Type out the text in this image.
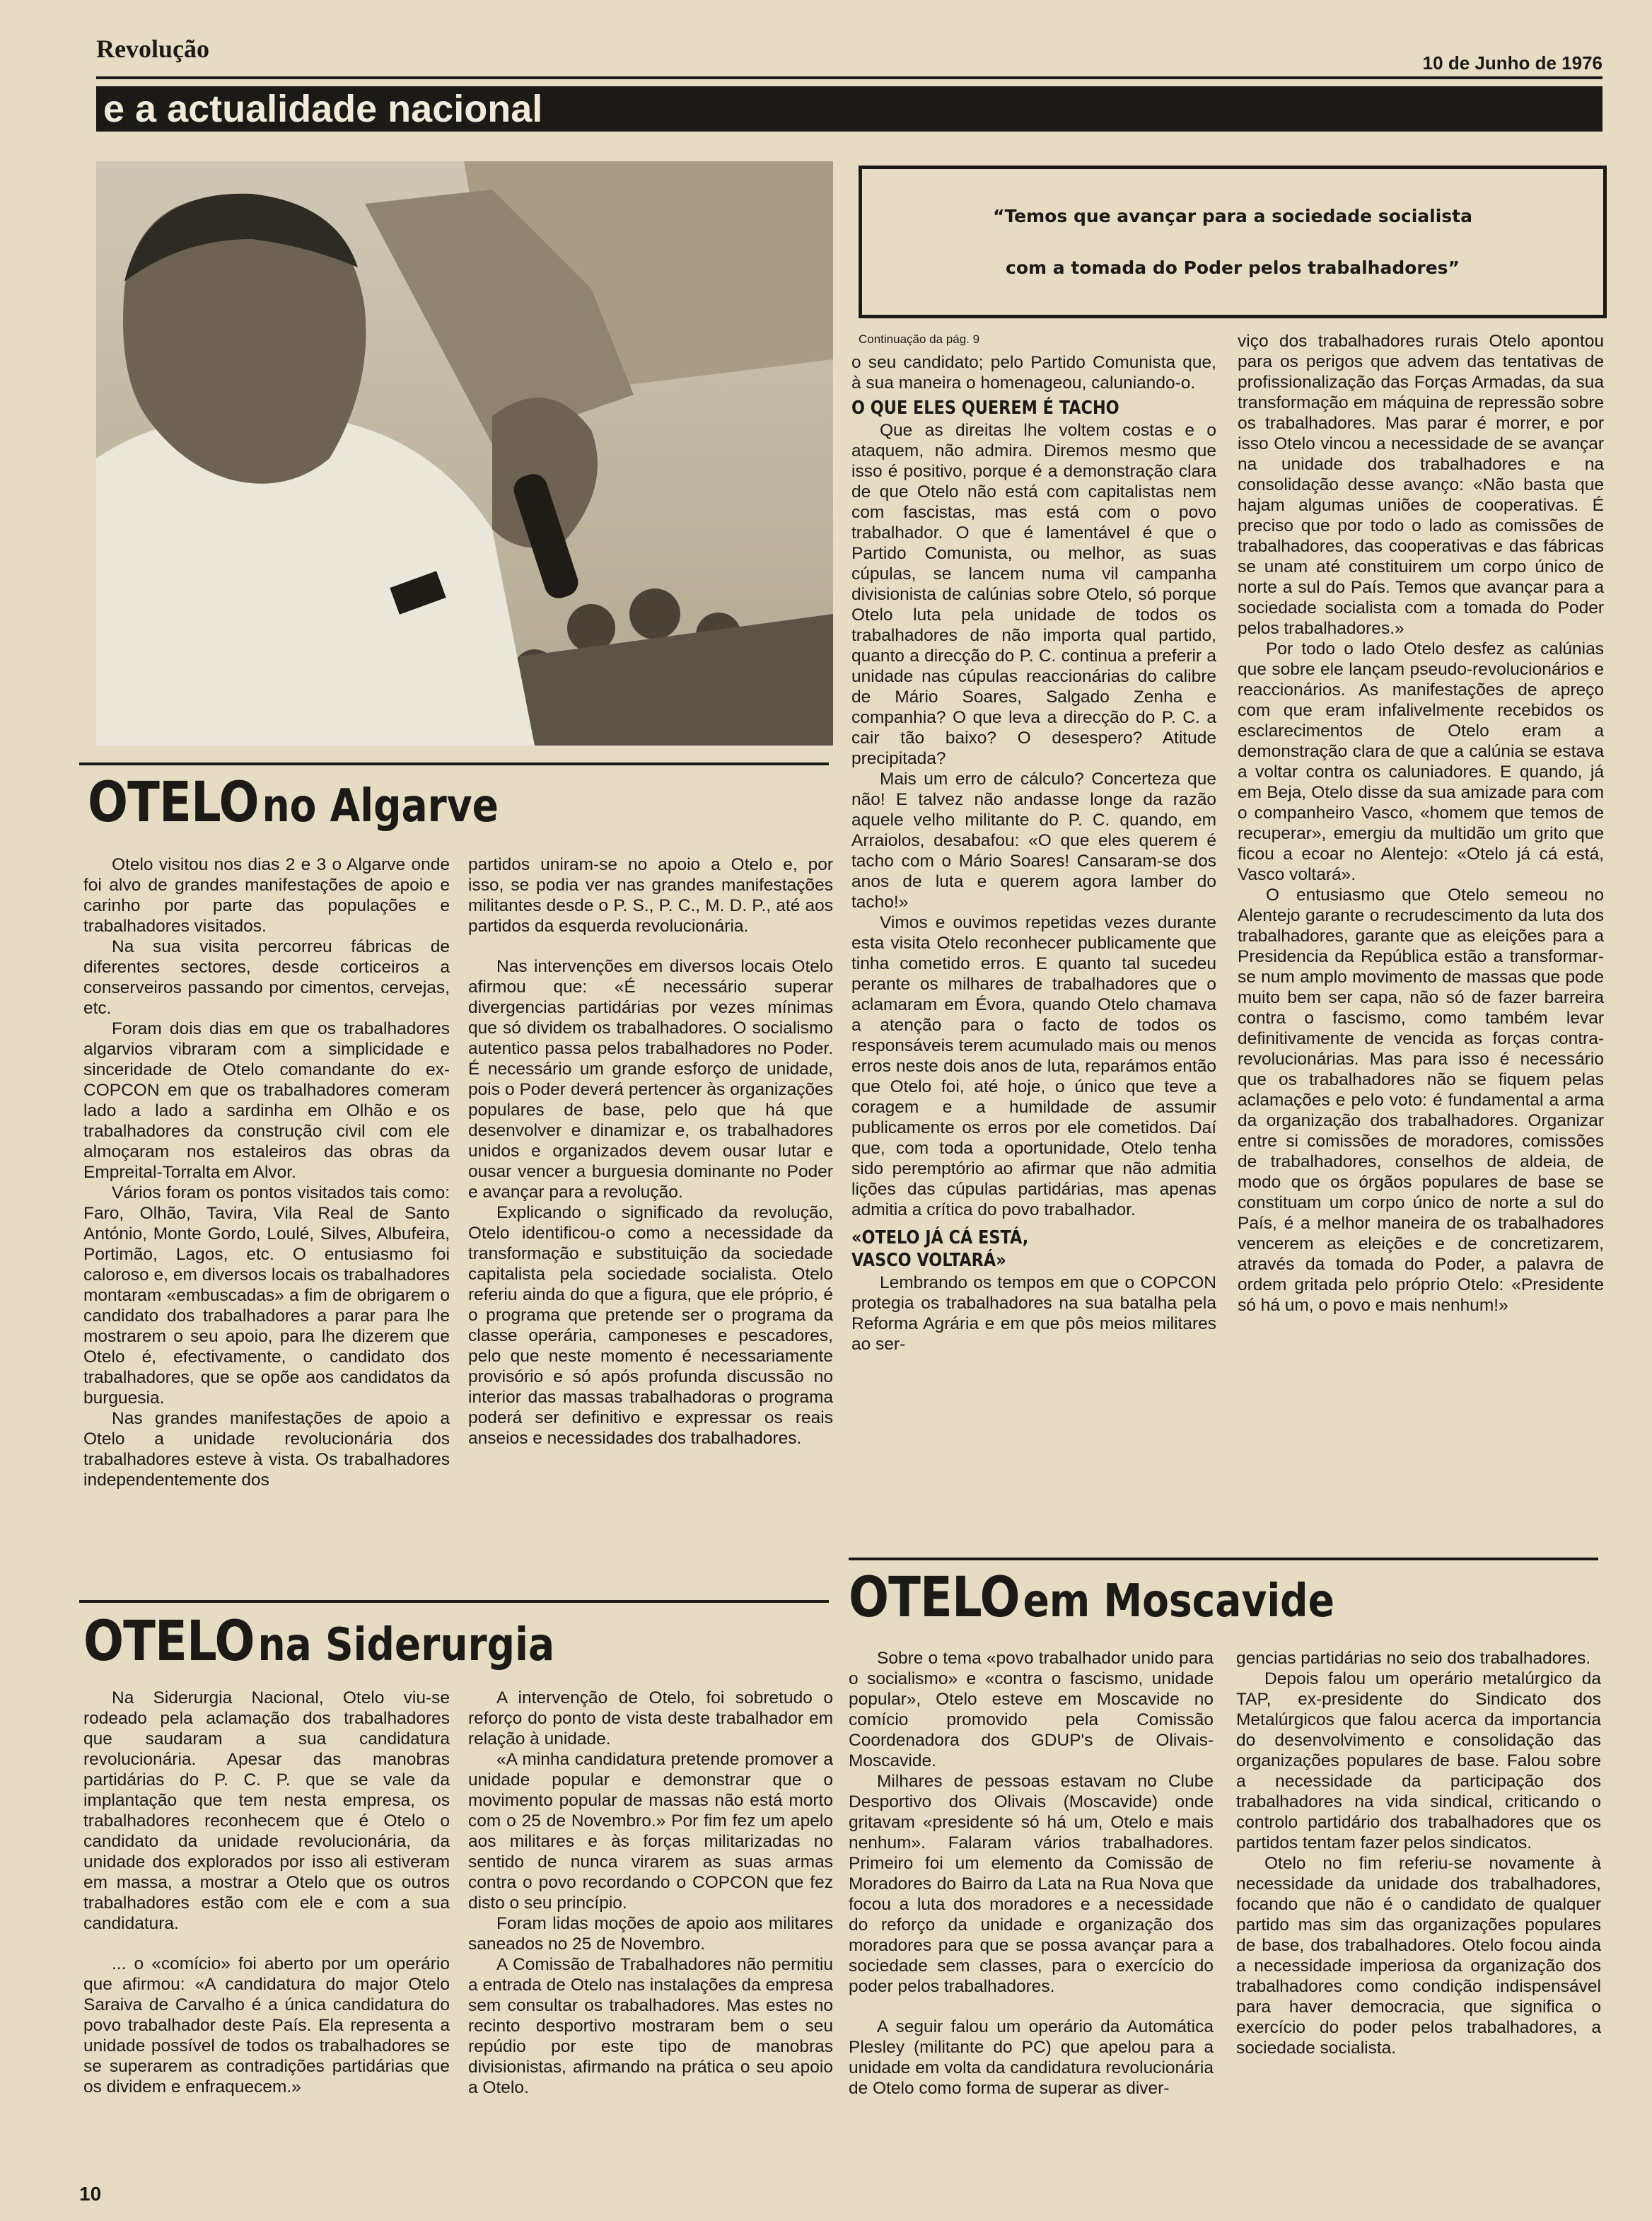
Revolução	10 de Junho de 1976
e a actualidade nacional
“Temos que avançar para a sociedade socialista
com a tomada do Poder pelos trabalhadores”
Continuação da pág. 9
OTELO no Algarve

Otelo visitou nos dias 2 e 3 o Algarve onde foi alvo de grandes manifestações de apoio e carinho por parte das populações e trabalhadores visitados.

Na sua visita percorreu fábricas de diferentes sectores, desde corticeiros a conserveiros passando por cimentos, cervejas, etc.

Foram dois dias em que os trabalhadores algarvios vibraram com a simplicidade e sinceridade de Otelo comandante do ex-COPCON em que os trabalhadores comeram lado a lado a sardinha em Olhão e os trabalhadores da construção civil com ele almoçaram nos estaleiros das obras da Empreital-Torralta em Alvor.

Vários foram os pontos visitados tais como: Faro, Olhão, Tavira, Vila Real de Santo António, Monte Gordo, Loulé, Silves, Albufeira, Portimão, Lagos, etc. O entusiasmo foi caloroso e, em diversos locais os trabalhadores montaram «embuscadas» a fim de obrigarem o candidato dos trabalhadores a parar para lhe mostrarem o seu apoio, para lhe dizerem que Otelo é, efectivamente, o candidato dos trabalhadores, que se opõe aos candidatos da burguesia.

Nas grandes manifestações de apoio a Otelo a unidade revolucionária dos trabalhadores esteve à vista. Os trabalhadores independentemente dos

partidos uniram-se no apoio a Otelo e, por isso, se podia ver nas grandes manifestações militantes desde o P. S., P. C., M. D. P., até aos partidos da esquerda revolucionária.

Nas intervenções em diversos locais Otelo afirmou que: «É necessário superar divergencias partidárias por vezes mínimas que só dividem os trabalhadores. O socialismo autentico passa pelos trabalhadores no Poder. É necessário um grande esforço de unidade, pois o Poder deverá pertencer às organizações populares de base, pelo que há que desenvolver e dinamizar e, os trabalhadores unidos e organizados devem ousar lutar e ousar vencer a burguesia dominante no Poder e avançar para a revolução.

Explicando o significado da revolução, Otelo identificou-o como a necessidade da transformação e substituição da sociedade capitalista pela sociedade socialista. Otelo referiu ainda do que a figura, que ele próprio, é o programa que pretende ser o programa da classe operária, camponeses e pescadores, pelo que neste momento é necessariamente provisório e só após profunda discussão no interior das massas trabalhadoras o programa poderá ser definitivo e expressar os reais anseios e necessidades dos trabalhadores.

o seu candidato; pelo Partido Comunista que, à sua maneira o homenageou, caluniando-o.

O QUE ELES QUEREM É TACHO

Que as direitas lhe voltem costas e o ataquem, não admira. Diremos mesmo que isso é positivo, porque é a demonstração clara de que Otelo não está com capitalistas nem com fascistas, mas está com o povo trabalhador. O que é lamentável é que o Partido Comunista, ou melhor, as suas cúpulas, se lancem numa vil campanha divisionista de calúnias sobre Otelo, só porque Otelo luta pela unidade de todos os trabalhadores de não importa qual partido, quanto a direcção do P. C. continua a preferir a unidade nas cúpulas reaccionárias do calibre de Mário Soares, Salgado Zenha e companhia? O que leva a direcção do P. C. a cair tão baixo? O desespero? Atitude precipitada?

Mais um erro de cálculo? Concerteza que não! E talvez não andasse longe da razão aquele velho militante do P. C. quando, em Arraiolos, desabafou: «O que eles querem é tacho com o Mário Soares! Cansaram-se dos anos de luta e querem agora lamber do tacho!»

Vimos e ouvimos repetidas vezes durante esta visita Otelo reconhecer publicamente que tinha cometido erros. E quanto tal sucedeu perante os milhares de trabalhadores que o aclamaram em Évora, quando Otelo chamava a atenção para o facto de todos os responsáveis terem acumulado mais ou menos erros neste dois anos de luta, reparámos então que Otelo foi, até hoje, o único que teve a coragem e a humildade de assumir publicamente os erros por ele cometidos. Daí que, com toda a oportunidade, Otelo tenha sido peremptório ao afirmar que não admitia lições das cúpulas partidárias, mas apenas admitia a crítica do povo trabalhador.

«OTELO JÁ CÁ ESTÁ,
VASCO VOLTARÁ»

Lembrando os tempos em que o COPCON protegia os trabalhadores na sua batalha pela Reforma Agrária e em que pôs meios militares ao ser-

viço dos trabalhadores rurais Otelo apontou para os perigos que advem das tentativas de profissionalização das Forças Armadas, da sua transformação em máquina de repressão sobre os trabalhadores. Mas parar é morrer, e por isso Otelo vincou a necessidade de se avançar na unidade dos trabalhadores e na consolidação desse avanço: «Não basta que hajam algumas uniões de cooperativas. É preciso que por todo o lado as comissões de trabalhadores, das cooperativas e das fábricas se unam até constituirem um corpo único de norte a sul do País. Temos que avançar para a sociedade socialista com a tomada do Poder pelos trabalhadores.»

Por todo o lado Otelo desfez as calúnias que sobre ele lançam pseudo-revolucionários e reaccionários. As manifestações de apreço com que eram infalivelmente recebidos os esclarecimentos de Otelo eram a demonstração clara de que a calúnia se estava a voltar contra os caluniadores. E quando, já em Beja, Otelo disse da sua amizade para com o companheiro Vasco, «homem que temos de recuperar», emergiu da multidão um grito que ficou a ecoar no Alentejo: «Otelo já cá está, Vasco voltará».

O entusiasmo que Otelo semeou no Alentejo garante o recrudescimento da luta dos trabalhadores, garante que as eleições para a Presidencia da República estão a transformar-se num amplo movimento de massas que pode muito bem ser capa, não só de fazer barreira contra o fascismo, como também levar definitivamente de vencida as forças contra-revolucionárias. Mas para isso é necessário que os trabalhadores não se fiquem pelas aclamações e pelo voto: é fundamental a arma da organização dos trabalhadores. Organizar entre si comissões de moradores, comissões de trabalhadores, conselhos de aldeia, de modo que os órgãos populares de base se constituam um corpo único de norte a sul do País, é a melhor maneira de os trabalhadores vencerem as eleições e de concretizarem, através da tomada do Poder, a palavra de ordem gritada pelo próprio Otelo: «Presidente só há um, o povo e mais nenhum!»

OTELO em Moscavide

Sobre o tema «povo trabalhador unido para o socialismo» e «contra o fascismo, unidade popular», Otelo esteve em Moscavide no comício promovido pela Comissão Coordenadora dos GDUP's de Olivais-Moscavide.

Milhares de pessoas estavam no Clube Desportivo dos Olivais (Moscavide) onde gritavam «presidente só há um, Otelo e mais nenhum». Falaram vários trabalhadores. Primeiro foi um elemento da Comissão de Moradores do Bairro da Lata na Rua Nova que focou a luta dos moradores e a necessidade do reforço da unidade e organização dos moradores para que se possa avançar para a sociedade sem classes, para o exercício do poder pelos trabalhadores.

A seguir falou um operário da Automática Plesley (militante do PC) que apelou para a unidade em volta da candidatura revolucionária de Otelo como forma de superar as diver-

gencias partidárias no seio dos trabalhadores.

Depois falou um operário metalúrgico da TAP, ex-presidente do Sindicato dos Metalúrgicos que falou acerca da importancia do desenvolvimento e consolidação das organizações populares de base. Falou sobre a necessidade da participação dos trabalhadores na vida sindical, criticando o controlo partidário dos trabalhadores que os partidos tentam fazer pelos sindicatos.

Otelo no fim referiu-se novamente à necessidade da unidade dos trabalhadores, focando que não é o candidato de qualquer partido mas sim das organizações populares de base, dos trabalhadores. Otelo focou ainda a necessidade imperiosa da organização dos trabalhadores como condição indispensável para haver democracia, que significa o exercício do poder pelos trabalhadores, a sociedade socialista.

OTELO na Siderurgia

Na Siderurgia Nacional, Otelo viu-se rodeado pela aclamação dos trabalhadores que saudaram a sua candidatura revolucionária. Apesar das manobras partidárias do P. C. P. que se vale da implantação que tem nesta empresa, os trabalhadores reconhecem que é Otelo o candidato da unidade revolucionária, da unidade dos explorados por isso ali estiveram em massa, a mostrar a Otelo que os outros trabalhadores estão com ele e com a sua candidatura.

... o «comício» foi aberto por um operário que afirmou: «A candidatura do major Otelo Saraiva de Carvalho é a única candidatura do povo trabalhador deste País. Ela representa a unidade possível de todos os trabalhadores se se superarem as contradições partidárias que os dividem e enfraquecem.»

A intervenção de Otelo, foi sobretudo o reforço do ponto de vista deste trabalhador em relação à unidade.

«A minha candidatura pretende promover a unidade popular e demonstrar que o movimento popular de massas não está morto com o 25 de Novembro.» Por fim fez um apelo aos militares e às forças militarizadas no sentido de nunca virarem as suas armas contra o povo recordando o COPCON que fez disto o seu princípio.

Foram lidas moções de apoio aos militares saneados no 25 de Novembro.

A Comissão de Trabalhadores não permitiu a entrada de Otelo nas instalações da empresa sem consultar os trabalhadores. Mas estes no recinto desportivo mostraram bem o seu repúdio por este tipo de manobras divisionistas, afirmando na prática o seu apoio a Otelo.

10
